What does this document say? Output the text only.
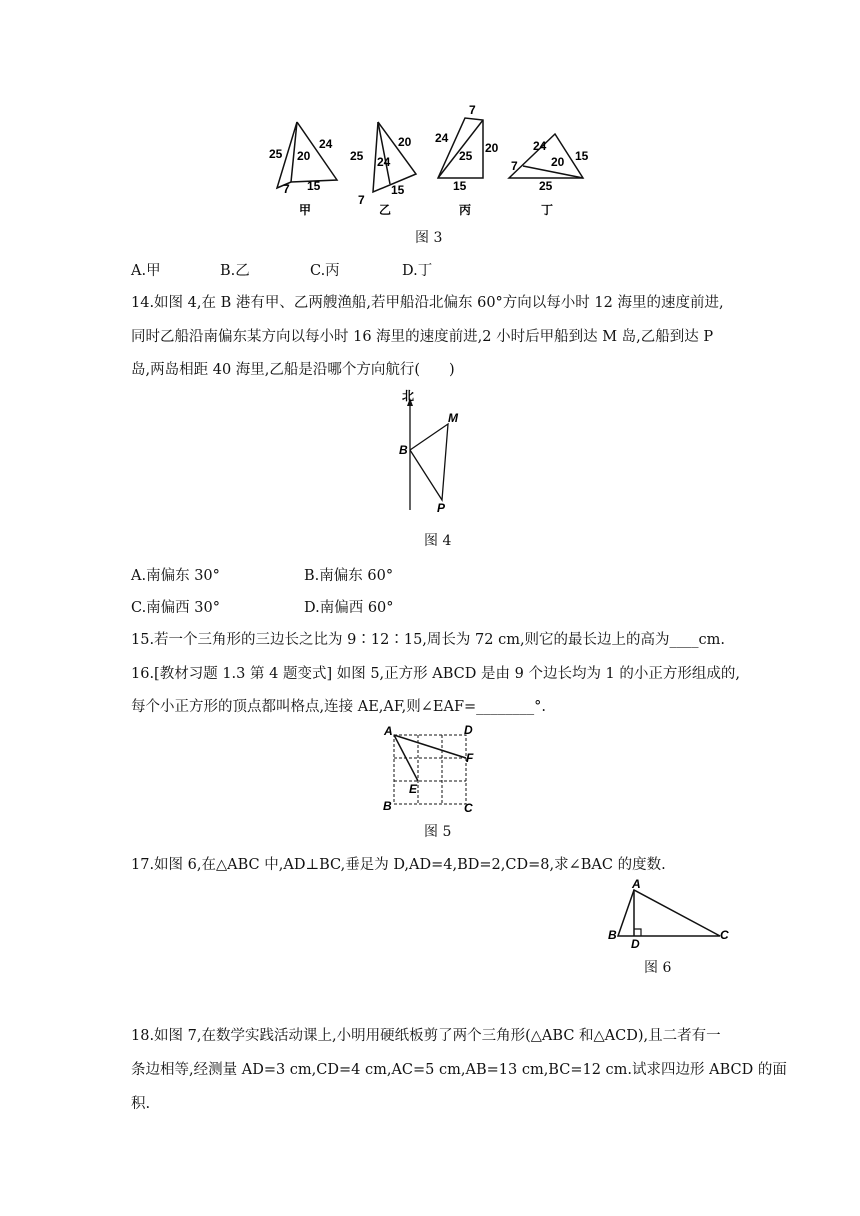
25 20
24
7 15
甲
25 24
20
7
15
乙
7
24
25
20
15
丙
24
7	20 15
25
丁
图 3
A.甲	B.乙	C.丙	D.丁
14.如图 4,在 B 港有甲、乙两艘渔船,若甲船沿北偏东 60°方向以每小时 12 海里的速度前进,
同时乙船沿南偏东某方向以每小时 16 海里的速度前进,2 小时后甲船到达 M 岛,乙船到达 P
岛,两岛相距 40 海里,乙船是沿哪个方向航行(　　)
北
B
M
P
图 4
A.南偏东 30°	B.南偏东 60°
C.南偏西 30°	D.南偏西 60°
15.若一个三角形的三边长之比为 9∶12∶15,周长为 72 cm,则它的最长边上的高为____cm.
16.[教材习题 1.3 第 4 题变式] 如图 5,正方形 ABCD 是由 9 个边长均为 1 的小正方形组成的,
每个小正方形的顶点都叫格点,连接 AE,AF,则∠EAF=________°.
A	D
F
E
B	C
图 5
17.如图 6,在△ABC 中,AD⊥BC,垂足为 D,AD=4,BD=2,CD=8,求∠BAC 的度数.
A
B
D
C
图 6
18.如图 7,在数学实践活动课上,小明用硬纸板剪了两个三角形(△ABC 和△ACD),且二者有一
条边相等,经测量 AD=3 cm,CD=4 cm,AC=5 cm,AB=13 cm,BC=12 cm.试求四边形 ABCD 的面
积.
